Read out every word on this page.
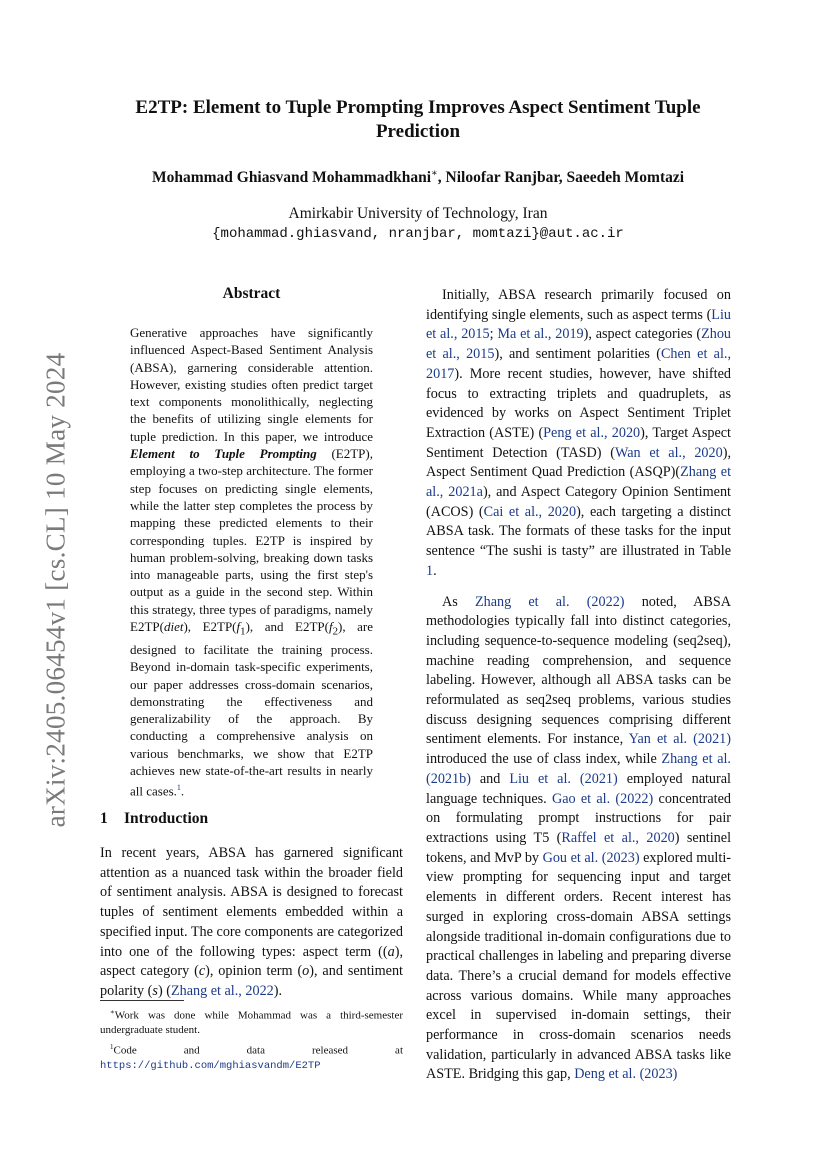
arXiv:2405.06454v1 [cs.CL] 10 May 2024
E2TP: Element to Tuple Prompting Improves Aspect Sentiment Tuple Prediction
Mohammad Ghiasvand Mohammadkhani∗, Niloofar Ranjbar, Saeedeh Momtazi
Amirkabir University of Technology, Iran
{mohammad.ghiasvand, nranjbar, momtazi}@aut.ac.ir
Abstract

Generative approaches have significantly influenced Aspect-Based Sentiment Analysis (ABSA), garnering considerable attention. However, existing studies often predict target text components monolithically, neglecting the benefits of utilizing single elements for tuple prediction. In this paper, we introduce Element to Tuple Prompting (E2TP), employing a two-step architecture. The former step focuses on predicting single elements, while the latter step completes the process by mapping these predicted elements to their corresponding tuples. E2TP is inspired by human problem-solving, breaking down tasks into manageable parts, using the first step's output as a guide in the second step. Within this strategy, three types of paradigms, namely E2TP(diet), $E2TP(f_1)$, and $E2TP(f_2)$, are designed to facilitate the training process. Beyond in-domain task-specific experiments, our paper addresses cross-domain scenarios, demonstrating the effectiveness and generalizability of the approach. By conducting a comprehensive analysis on various benchmarks, we show that E2TP achieves new state-of-the-art results in nearly all cases.$^1$.

1 Introduction

In recent years, ABSA has garnered significant attention as a nuanced task within the broader field of sentiment analysis. ABSA is designed to forecast tuples of sentiment elements embedded within a specified input. The core components are categorized into one of the following types: aspect term ((a), aspect category (c), opinion term (o), and sentiment polarity (s) (Zhang et al., 2022).

∗Work was done while Mohammad was a third-semester undergraduate student.

$^1$Code and data released at https://github.com/mghiasvandm/E2TP

Initially, ABSA research primarily focused on identifying single elements, such as aspect terms (Liu et al., 2015; Ma et al., 2019), aspect categories (Zhou et al., 2015), and sentiment polarities (Chen et al., 2017). More recent studies, however, have shifted focus to extracting triplets and quadruplets, as evidenced by works on Aspect Sentiment Triplet Extraction (ASTE) (Peng et al., 2020), Target Aspect Sentiment Detection (TASD) (Wan et al., 2020), Aspect Sentiment Quad Prediction (ASQP)(Zhang et al., 2021a), and Aspect Category Opinion Sentiment (ACOS) (Cai et al., 2020), each targeting a distinct ABSA task. The formats of these tasks for the input sentence “The sushi is tasty” are illustrated in Table 1.

As Zhang et al. (2022) noted, ABSA methodologies typically fall into distinct categories, including sequence-to-sequence modeling (seq2seq), machine reading comprehension, and sequence labeling. However, although all ABSA tasks can be reformulated as seq2seq problems, various studies discuss designing sequences comprising different sentiment elements. For instance, Yan et al. (2021) introduced the use of class index, while Zhang et al. (2021b) and Liu et al. (2021) employed natural language techniques. Gao et al. (2022) concentrated on formulating prompt instructions for pair extractions using T5 (Raffel et al., 2020) sentinel tokens, and MvP by Gou et al. (2023) explored multi-view prompting for sequencing input and target elements in different orders. Recent interest has surged in exploring cross-domain ABSA settings alongside traditional in-domain configurations due to practical challenges in labeling and preparing diverse data. There’s a crucial demand for models effective across various domains. While many approaches excel in supervised in-domain settings, their performance in cross-domain scenarios needs validation, particularly in advanced ABSA tasks like ASTE. Bridging this gap, Deng et al. (2023)
